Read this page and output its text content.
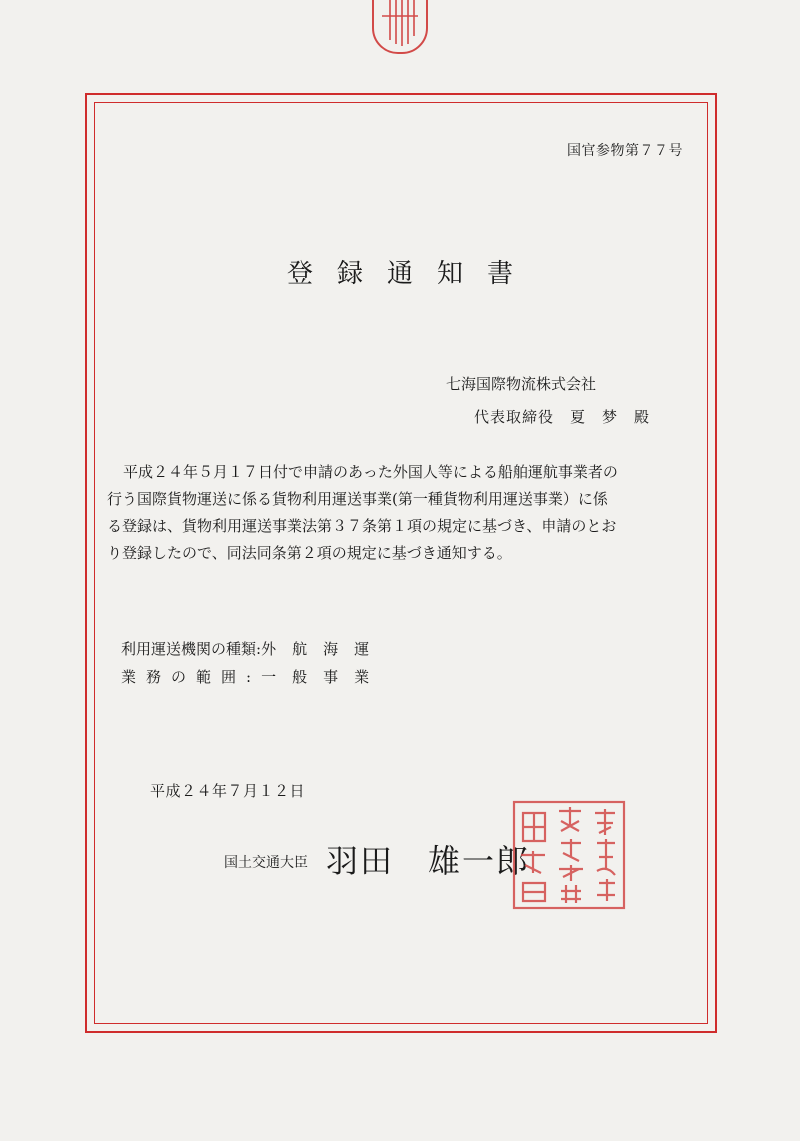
国官参物第７７号
登録通知書
七海国際物流株式会社
代表取締役　夏　梦　殿
平成２４年５月１７日付で申請のあった外国人等による船舶運航事業者の
行う国際貨物運送に係る貨物利用運送事業(第一種貨物利用運送事業）に係
る登録は、貨物利用運送事業法第３７条第１項の規定に基づき、申請のとお
り登録したので、同法同条第２項の規定に基づき通知する。
利用運送機関の種類:外航海運
業務の範囲:一般事業
平成２４年７月１２日
国土交通大臣 羽田　雄一郎
